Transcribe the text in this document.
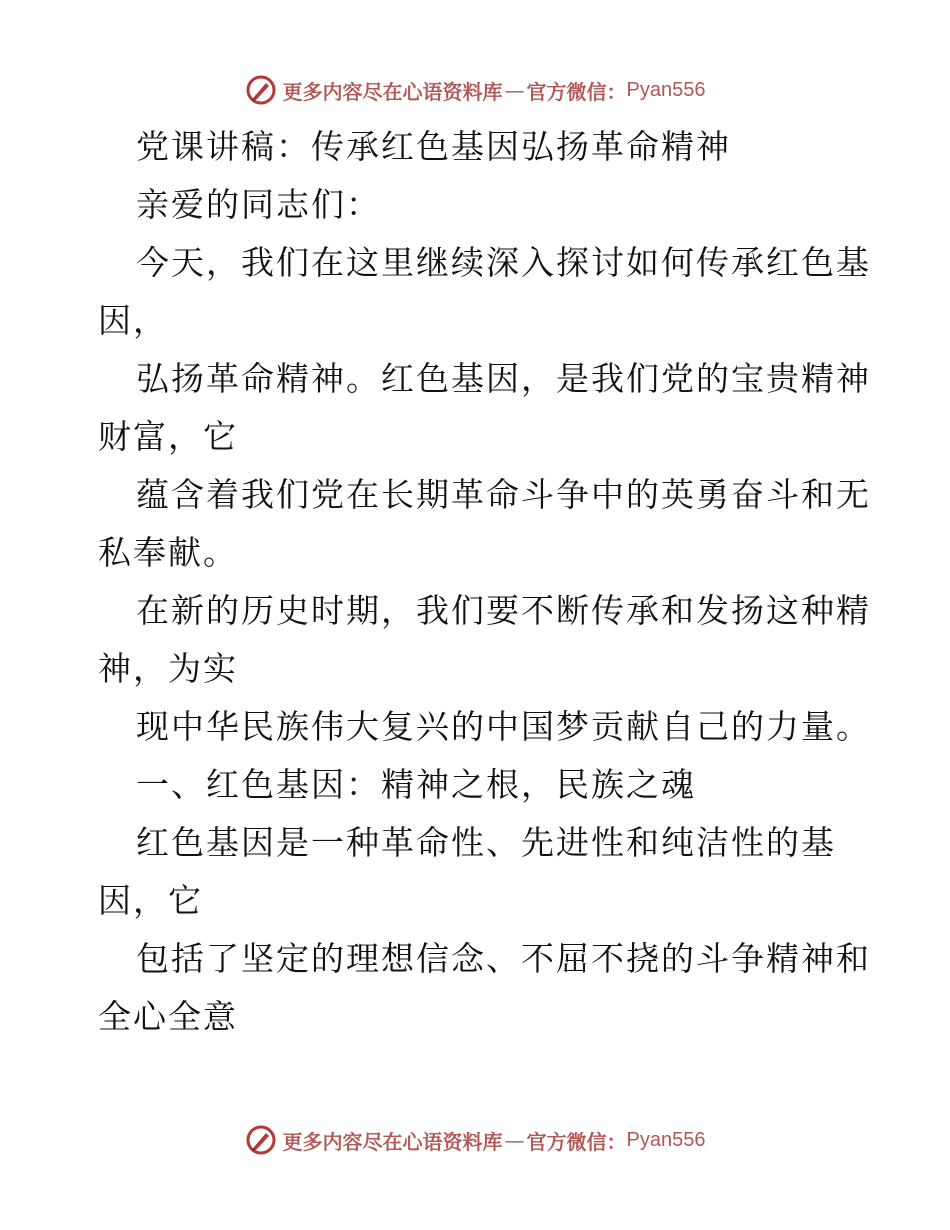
更多内容尽在心语资料库 — 官方微信： Pyan556
党课讲稿：传承红色基因弘扬革命精神
亲爱的同志们：
今天，我们在这里继续深入探讨如何传承红色基
因，
弘扬革命精神。红色基因，是我们党的宝贵精神
财富，它
蕴含着我们党在长期革命斗争中的英勇奋斗和无
私奉献。
在新的历史时期，我们要不断传承和发扬这种精
神，为实
现中华民族伟大复兴的中国梦贡献自己的力量。
一、红色基因：精神之根，民族之魂
红色基因是一种革命性、先进性和纯洁性的基
因，它
包括了坚定的理想信念、不屈不挠的斗争精神和
全心全意
更多内容尽在心语资料库 — 官方微信： Pyan556
